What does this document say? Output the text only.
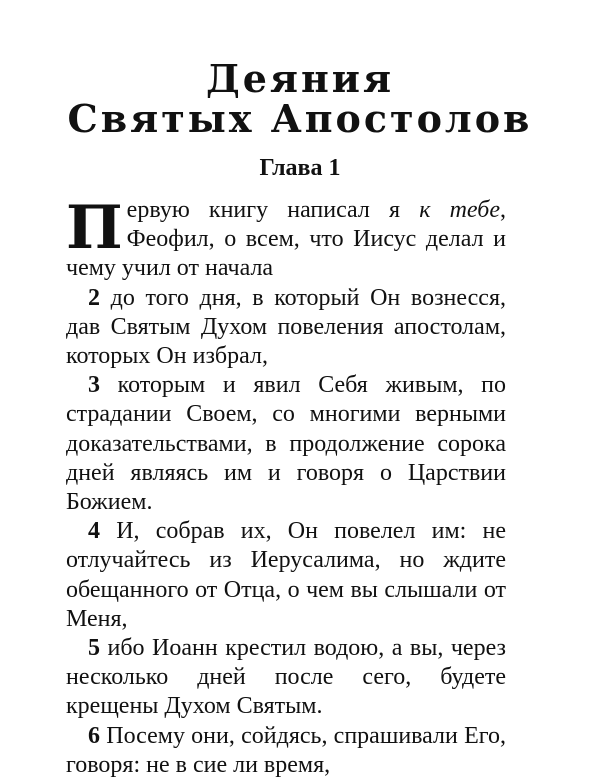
Деяния
Святых Апостолов
Глава 1

Первую книгу написал я к тебе, Феофил, о всем, что Иисус делал и чему учил от начала

2 до того дня, в который Он вознесся, дав Святым Духом повеления апостолам, которых Он избрал,

3 которым и явил Себя живым, по страдании Своем, со многими верными доказательствами, в продолжение сорока дней являясь им и говоря о Царствии Божием.

4 И, собрав их, Он повелел им: не отлучайтесь из Иерусалима, но ждите обещанного от Отца, о чем вы слышали от Меня,

5 ибо Иоанн крестил водою, а вы, через несколько дней после сего, будете крещены Духом Святым.

6 Посему они, сойдясь, спрашивали Его, говоря: не в сие ли время,
